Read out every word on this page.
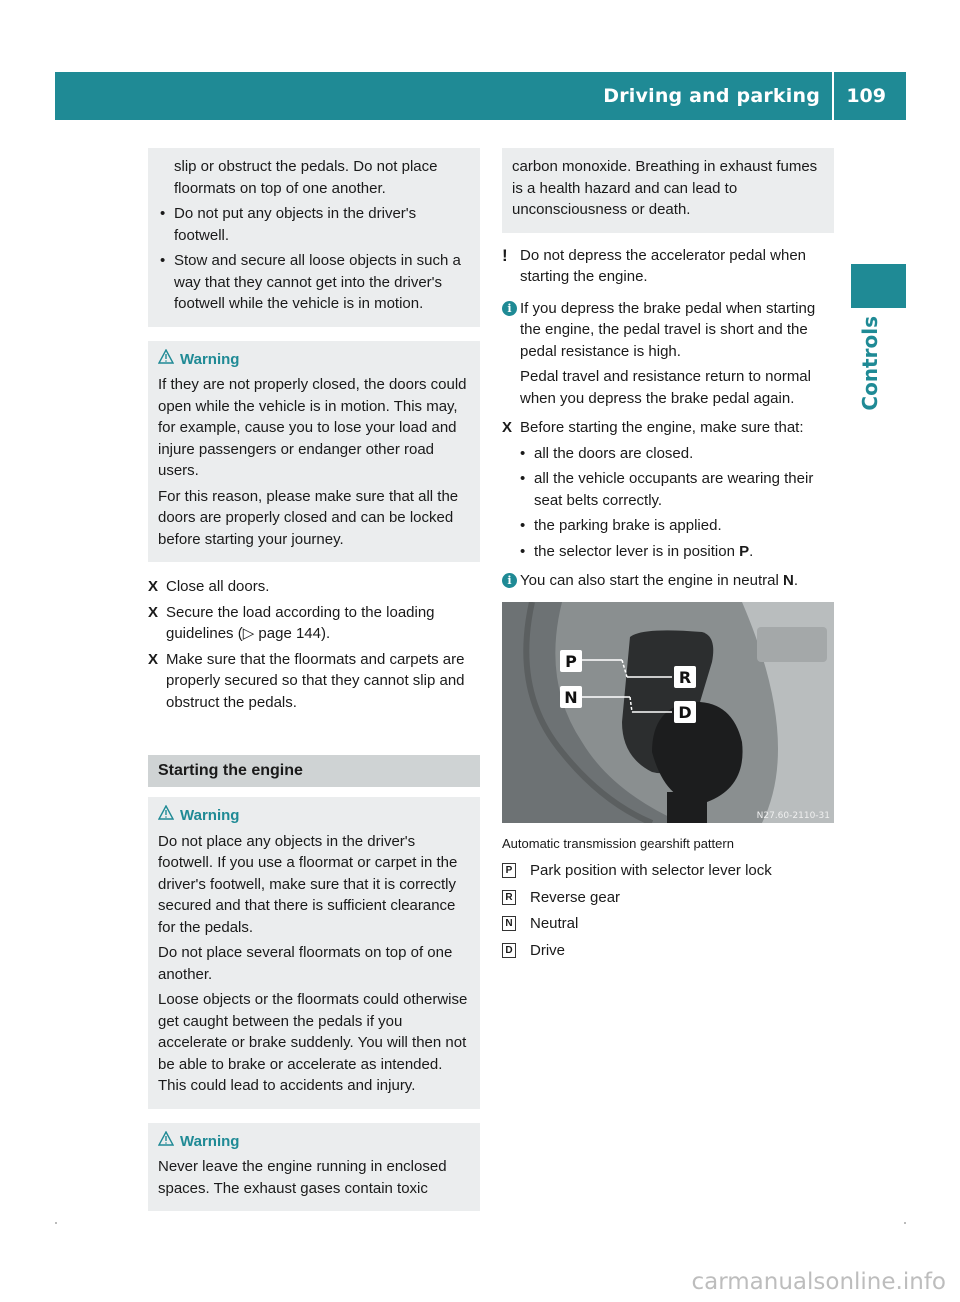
Driving and parking 109
Controls

slip or obstruct the pedals. Do not place floormats on top of one another.

• Do not put any objects in the driver's footwell.
• Stow and secure all loose objects in such a way that they cannot get into the driver's footwell while the vehicle is in motion.
Warning

If they are not properly closed, the doors could open while the vehicle is in motion. This may, for example, cause you to lose your load and injure passengers or endanger other road users.

For this reason, please make sure that all the doors are properly closed and can be locked before starting your journey.

X Close all doors.
X Secure the load according to the loading guidelines (▷ page 144).
X Make sure that the floormats and carpets are properly secured so that they cannot slip and obstruct the pedals.
Starting the engine
Warning

Do not place any objects in the driver's footwell. If you use a floormat or carpet in the driver's footwell, make sure that it is correctly secured and that there is sufficient clearance for the pedals.

Do not place several floormats on top of one another.

Loose objects or the floormats could otherwise get caught between the pedals if you accelerate or brake suddenly. You will then not be able to brake or accelerate as intended. This could lead to accidents and injury.

Warning

Never leave the engine running in enclosed spaces. The exhaust gases contain toxic

carbon monoxide. Breathing in exhaust fumes is a health hazard and can lead to unconsciousness or death.

! Do not depress the accelerator pedal when starting the engine.
i If you depress the brake pedal when starting the engine, the pedal travel is short and the pedal resistance is high.

Pedal travel and resistance return to normal when you depress the brake pedal again.

X Before starting the engine, make sure that:
• all the doors are closed.
• all the vehicle occupants are wearing their seat belts correctly.
• the parking brake is applied.
• the selector lever is in position P.
i You can also start the engine in neutral N.
P
R
N
D
N27.60-2110-31
Automatic transmission gearshift pattern
P Park position with selector lever lock
R Reverse gear
N Neutral
D Drive
carmanualsonline.info
